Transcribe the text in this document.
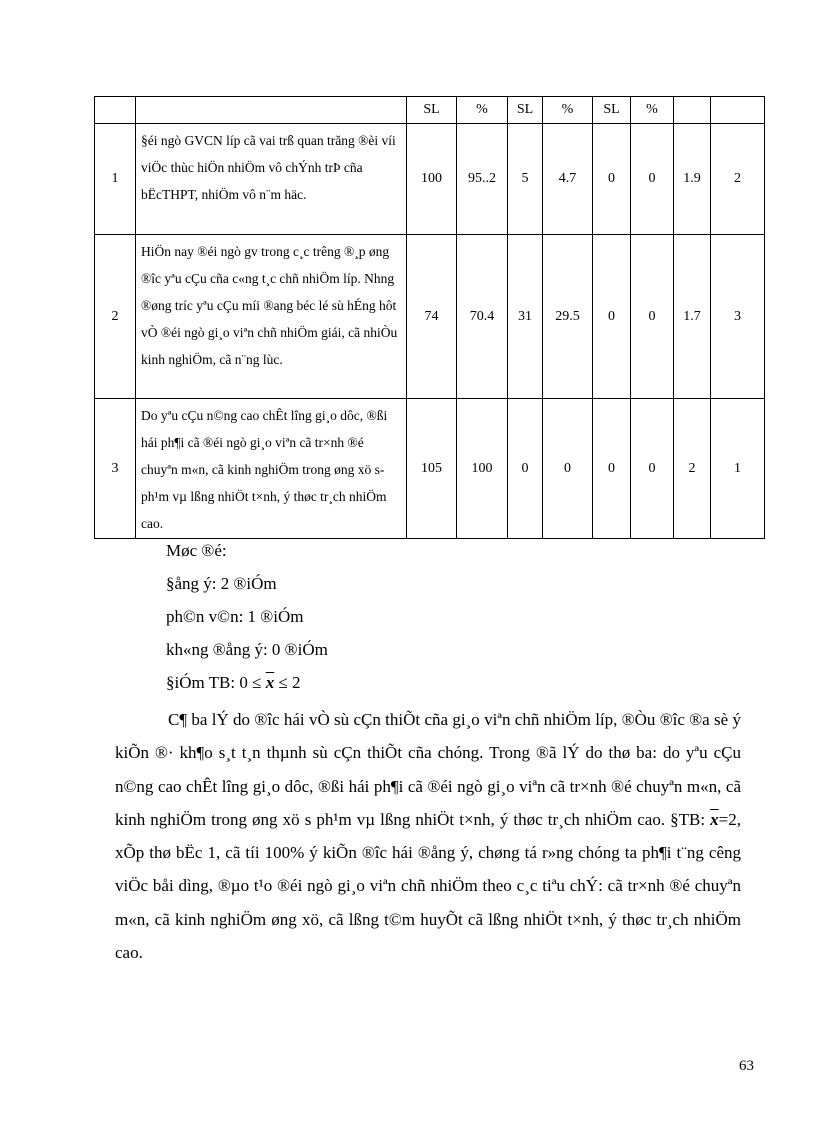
		SL	%	SL	%	SL	%		
1	§éi ngò GVCN líp cã vai trß quan trăng ®èi víi viÖc thùc hiÖn nhiÖm vô chÝnh trÞ cña bËcTHPT, nhiÖm vô n¨m häc.	100	95..2	5	4.7	0	0	1.9	2
2	HiÖn nay ®éi ngò gv trong c¸c trêng ®¸p øng ®îc yªu cÇu cña c«ng t¸c chñ nhiÖm líp. Nhng ®øng tríc yªu cÇu míi ®ang béc lé sù hÉng hôt vÒ ®éi ngò gi¸o viªn chñ nhiÖm giái, cã nhiÒu kinh nghiÖm, cã n¨ng lùc.	74	70.4	31	29.5	0	0	1.7	3
3	Do yªu cÇu n©ng cao chÊt lîng gi¸o dôc, ®ßi hái ph¶i cã ®éi ngò gi¸o viªn cã tr×nh ®é chuyªn m«n, cã kinh nghiÖm trong øng xö s ph¹m vµ lßng nhiÖt t×nh, ý thøc tr¸ch nhiÖm cao.	105	100	0	0	0	0	2	1
Møc ®é:
§ång ý: 2 ®iÓm
ph©n v©n: 1 ®iÓm
kh«ng ®ång ý: 0 ®iÓm
§iÓm TB: $0 \le \overline{x} \le 2$

C¶ ba lÝ do ®îc hái vÒ sù cÇn thiÕt cña gi¸o viªn chñ nhiÖm líp, ®Òu ®îc ®a sè ý kiÕn ®· kh¶o s¸t t¸n thµnh sù cÇn thiÕt cña chóng. Trong ®ã lÝ do thø ba: do yªu cÇu n©ng cao chÊt lîng gi¸o dôc, ®ßi hái ph¶i cã ®éi ngò gi¸o viªn cã tr×nh ®é chuyªn m«n, cã kinh nghiÖm trong øng xö s ph¹m vµ lßng nhiÖt t×nh, ý thøc tr¸ch nhiÖm cao. §TB: $\overline{x}=2$, xÕp thø bËc 1, cã tíi 100% ý kiÕn ®îc hái ®ång ý, chøng tá r»ng chóng ta ph¶i t¨ng cêng viÖc båi dìng, ®µo t¹o ®éi ngò gi¸o viªn chñ nhiÖm theo c¸c tiªu chÝ: cã tr×nh ®é chuyªn m«n, cã kinh nghiÖm øng xö, cã lßng t©m huyÕt cã lßng nhiÖt t×nh, ý thøc tr¸ch nhiÖm cao.

63
